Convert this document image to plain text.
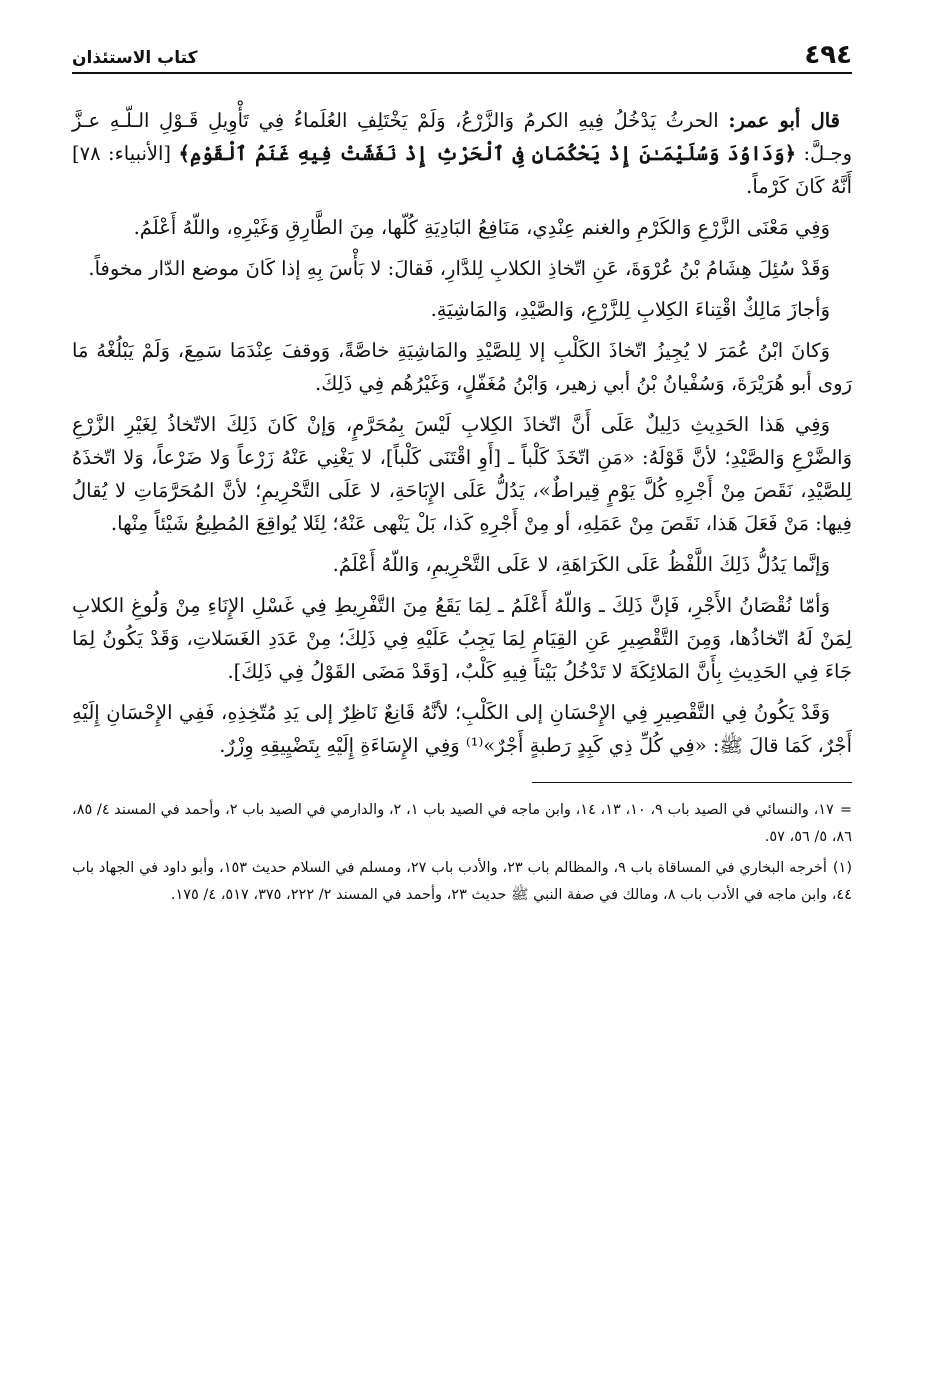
٤٩٤
كتاب الاستئذان

قال أبو عمر: الحرثُ يَدْخُلُ فِيهِ الكرمُ وَالزَّرْعُ، وَلَمْ يَخْتَلِفِ العُلَماءُ فِي تَأْوِيلِ قَـوْلِ الـلّـهِ عـزَّ وجـلَّ: ﴿وَدَاوُدَ وَسُلَيْمَـٰنَ إِذْ يَحْكُمَانِ فِى ٱلْحَرْثِ إِذْ نَفَشَتْ فِيهِ غَنَمُ ٱلْقَوْمِ﴾ [الأنبياء: ٧٨] أَنَّهُ كَانَ كَرْماً.

وَفِي مَعْنَى الزَّرْعِ وَالكَرْمِ والغنم عِنْدِي، مَنَافِعُ البَادِيَةِ كُلّها، مِنَ الطَّارِقِ وَغَيْرِهِ، واللّهُ أَعْلَمُ.

وَقَدْ سُئِلَ هِشَامُ بْنُ عُرْوَةَ، عَنِ اتّخاذِ الكلابِ لِلدَّارِ، فَقالَ: لا بَأْسَ بِهِ إذا كَانَ موضع الدّار مخوفاً.

وَأجازَ مَالِكٌ اقْتِناءَ الكِلابِ لِلزَّرْعِ، وَالصَّيْدِ، وَالمَاشِيَةِ.

وَكانَ ابْنُ عُمَرَ لا يُجِيزُ اتّخاذَ الكَلْبِ إلا لِلصَّيْدِ والمَاشِيَةِ خاصَّةً، وَوقفَ عِنْدَمَا سَمِعَ، وَلَمْ يَبْلُغْهُ مَا رَوى أبو هُرَيْرَةَ، وَسُفْيانُ بْنُ أبي زهير، وَابْنُ مُغَفّلٍ، وَغَيْرُهُم فِي ذَلِكَ.

وَفِي هَذا الحَدِيثِ دَلِيلٌ عَلَى أَنَّ اتّخاذَ الكِلابِ لَيْسَ بِمُحَرَّمٍ، وَإنْ كَانَ ذَلِكَ الاتّخاذُ لِغَيْرِ الزَّرْعِ وَالضَّرْعِ وَالصَّيْدِ؛ لأنَّ قَوْلَهُ: «مَنِ اتّخَذَ كَلْباً ـ [أَوِ اقْتَنَى كَلْباً]، لا يَغْنِي عَنْهُ زَرْعاً وَلا ضَرْعاً، وَلا اتّخذَهُ لِلصَّيْدِ، نَقَصَ مِنْ أَجْرِهِ كُلَّ يَوْمٍ قِيراطٌ»، يَدُلُّ عَلَى الإِبَاحَةِ، لا عَلَى التَّحْرِيمِ؛ لأنَّ المُحَرَّمَاتِ لا يُقالُ فِيها: مَنْ فَعَلَ هَذا، نَقَصَ مِنْ عَمَلِهِ، أو مِنْ أَجْرِهِ كَذا، بَلْ يَنْهى عَنْهُ؛ لِئَلا يُواقِعَ المُطِيعُ شَيْئاً مِنْها.

وَإنَّما يَدُلُّ ذَلِكَ اللَّفْظُ عَلَى الكَرَاهَةِ، لا عَلَى التَّحْرِيمِ، وَاللّهُ أَعْلَمُ.

وَأمّا نُقْصَانُ الأَجْرِ، فَإنَّ ذَلِكَ ـ وَاللّهُ أَعْلَمُ ـ لِمَا يَقَعُ مِنَ التَّفْرِيطِ فِي غَسْلِ الإِنَاءِ مِنْ وَلُوغِ الكلابِ لِمَنْ لَهُ اتّخاذُها، وَمِنَ التَّقْصِيرِ عَنِ القِيَامِ لِمَا يَجِبُ عَلَيْهِ فِي ذَلِكَ؛ مِنْ عَدَدِ الغَسَلاتِ، وَقَدْ يَكُونُ لِمَا جَاءَ فِي الحَدِيثِ بِأَنَّ المَلائِكَةَ لا تَدْخُلُ بَيْتاً فِيهِ كَلْبٌ، [وَقَدْ مَضَى القَوْلُ فِي ذَلِكَ].

وَقَدْ يَكُونُ فِي التَّقْصِيرِ فِي الإِحْسَانِ إلى الكَلْبِ؛ لأنَّهُ قَانِعٌ نَاظِرٌ إلى يَدِ مُتّخِذِهِ، فَفِي الإِحْسَانِ إِلَيْهِ أَجْرٌ، كَمَا قالَ ﷺ: «فِي كُلِّ ذِي كَبِدٍ رَطبةٍ أَجْرٌ»⁽¹⁾ وَفِي الإِسَاءَةِ إِلَيْهِ بِتَضْيِيقِهِ وِزْرٌ.

=١٧، والنسائي في الصيد باب ٩، ١٠، ١٣، ١٤، وابن ماجه في الصيد باب ١، ٢، والدارمي في الصيد باب ٢، وأحمد في المسند ٤/ ٨٥، ٨٦، ٥/ ٥٦، ٥٧.

(١)أخرجه البخاري في المساقاة باب ٩، والمظالم باب ٢٣، والأدب باب ٢٧، ومسلم في السلام حديث ١٥٣، وأبو داود في الجهاد باب ٤٤، وابن ماجه في الأدب باب ٨، ومالك في صفة النبي ﷺ حديث ٢٣، وأحمد في المسند ٢/ ٢٢٢، ٣٧٥، ٥١٧، ٤/ ١٧٥.
